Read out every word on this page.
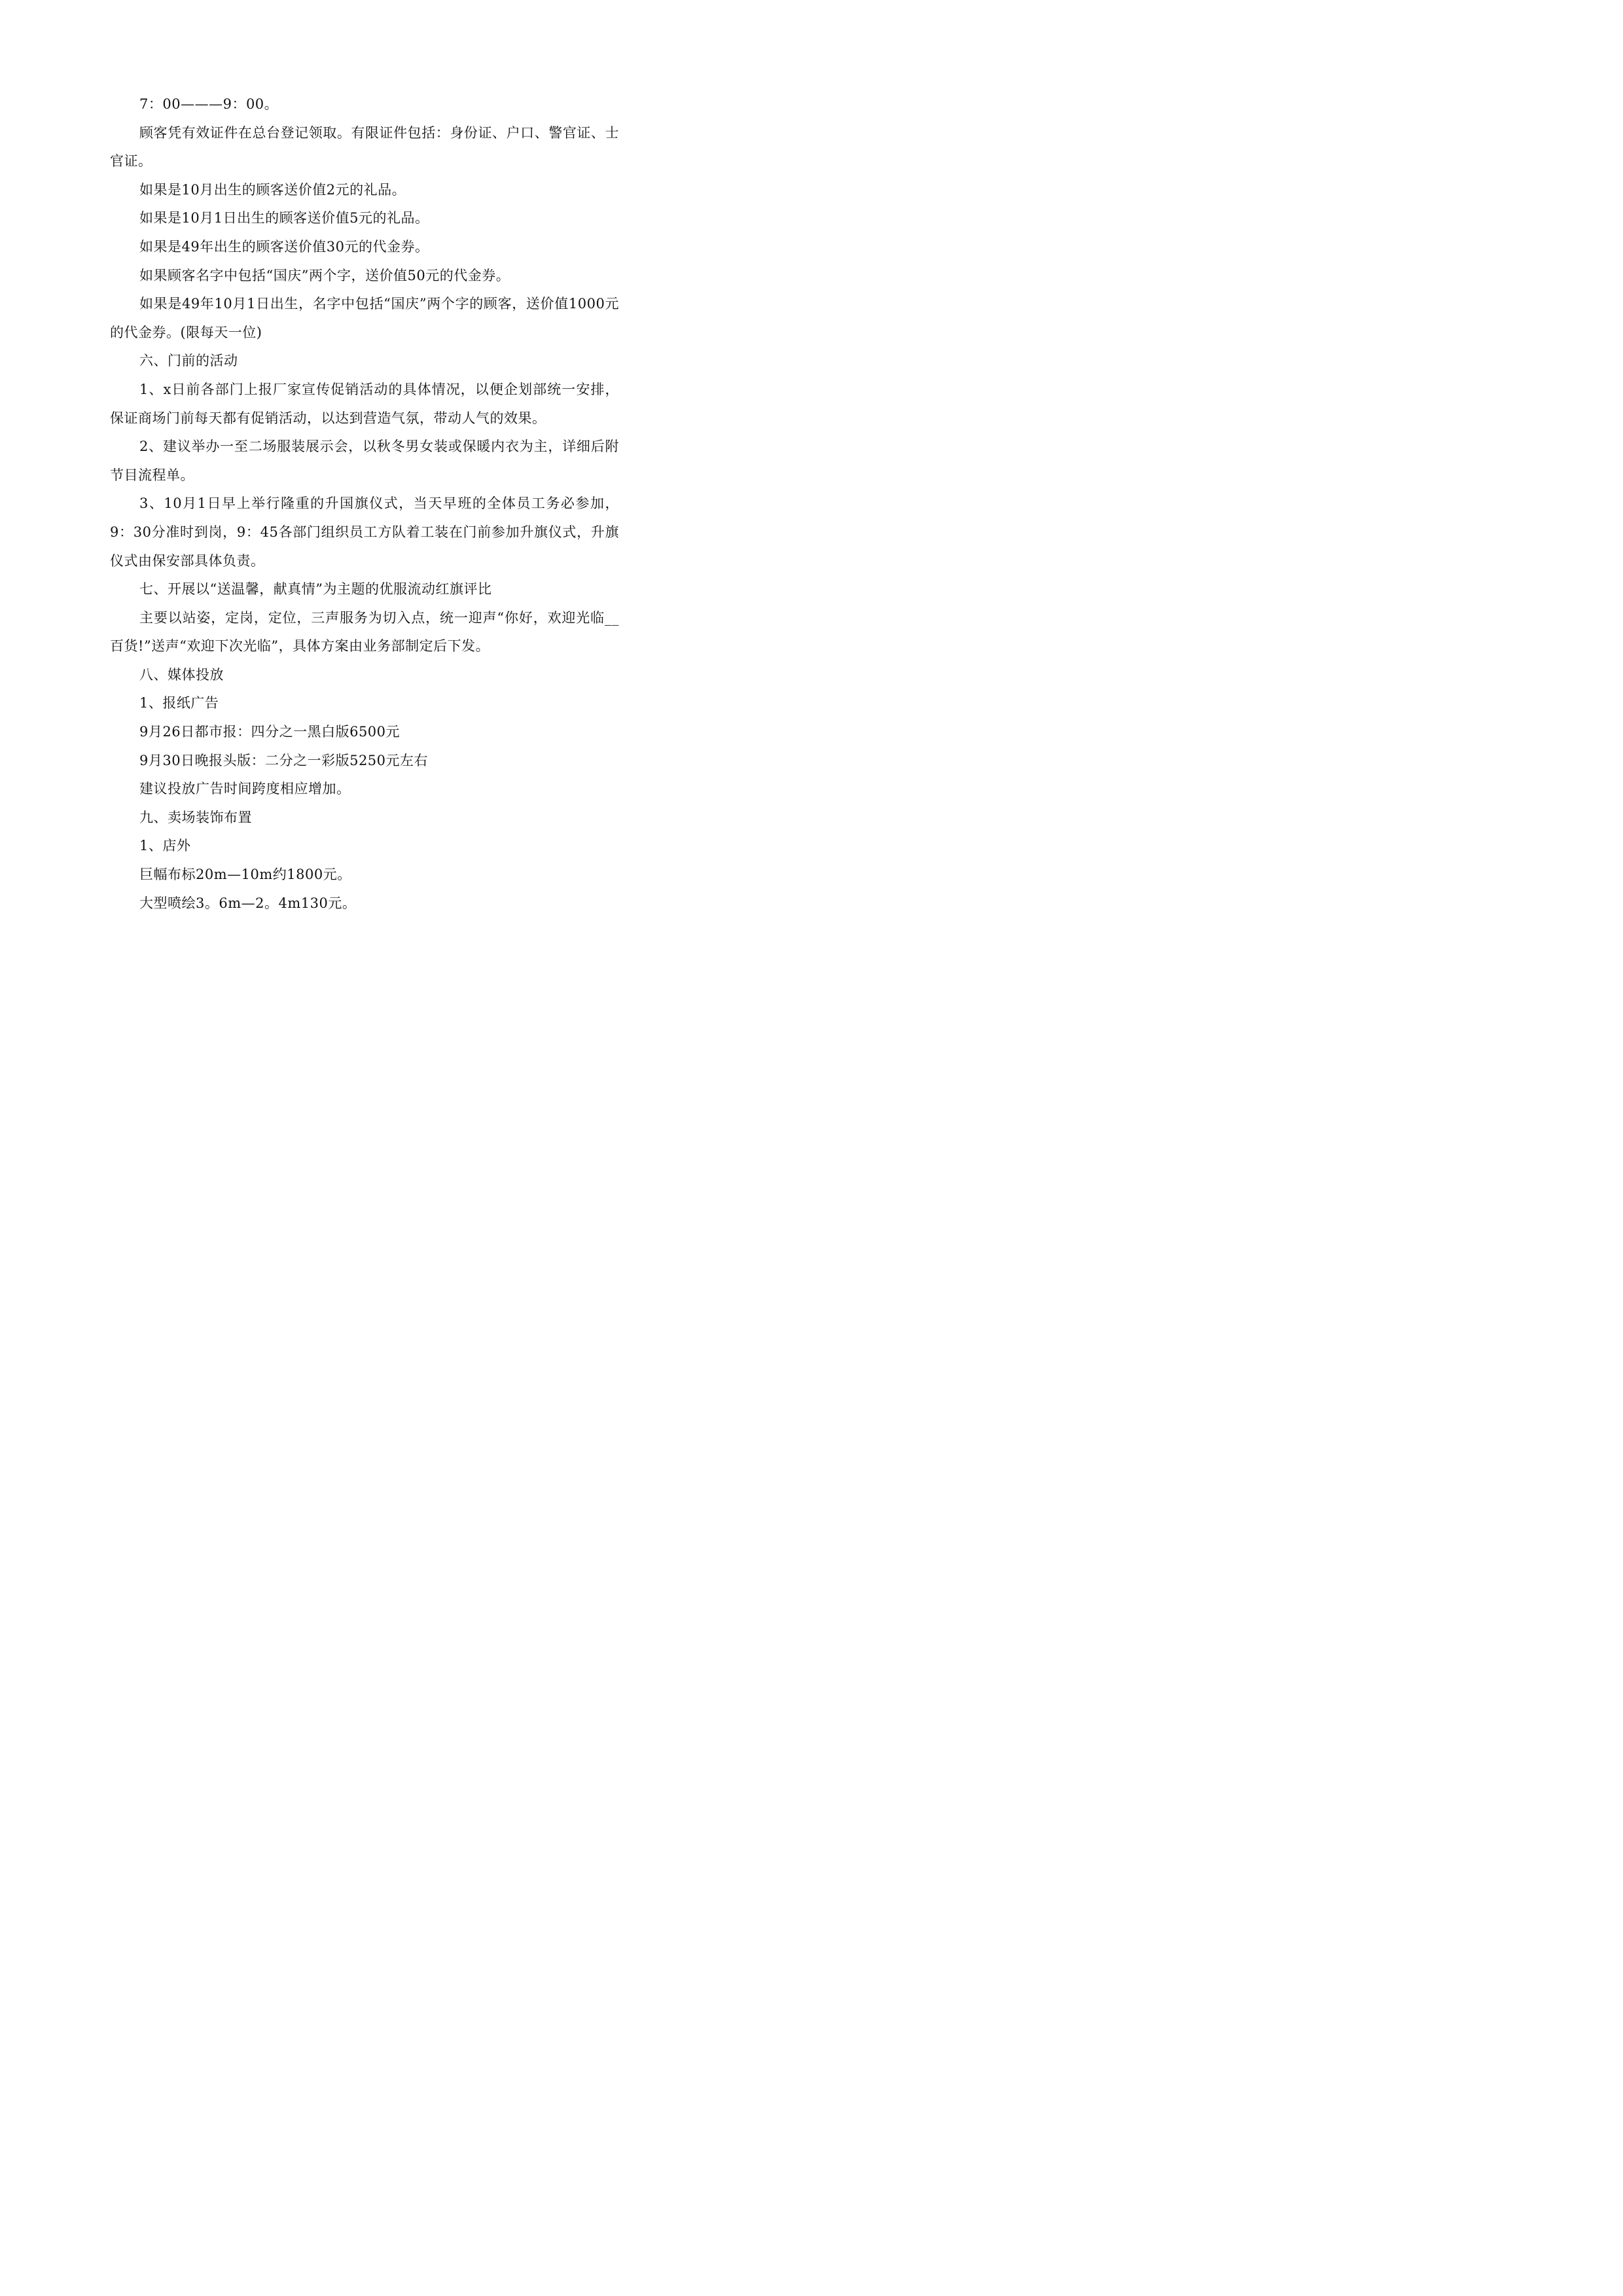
7：00———9：00。

顾客凭有效证件在总台登记领取。有限证件包括：身份证、户口、警官证、士官证。

如果是10月出生的顾客送价值2元的礼品。

如果是10月1日出生的顾客送价值5元的礼品。

如果是49年出生的顾客送价值30元的代金券。

如果顾客名字中包括“国庆”两个字，送价值50元的代金券。

如果是49年10月1日出生，名字中包括“国庆”两个字的顾客，送价值1000元的代金券。(限每天一位)

六、门前的活动

1、x日前各部门上报厂家宣传促销活动的具体情况，以便企划部统一安排，保证商场门前每天都有促销活动，以达到营造气氛，带动人气的效果。

2、建议举办一至二场服装展示会，以秋冬男女装或保暖内衣为主，详细后附节目流程单。

3、10月1日早上举行隆重的升国旗仪式，当天早班的全体员工务必参加，9：30分准时到岗，9：45各部门组织员工方队着工装在门前参加升旗仪式，升旗仪式由保安部具体负责。

七、开展以“送温馨，献真情”为主题的优服流动红旗评比

主要以站姿，定岗，定位，三声服务为切入点，统一迎声“你好，欢迎光临__百货!”送声“欢迎下次光临”，具体方案由业务部制定后下发。

八、媒体投放

1、报纸广告

9月26日都市报：四分之一黑白版6500元

9月30日晚报头版：二分之一彩版5250元左右

建议投放广告时间跨度相应增加。

九、卖场装饰布置

1、店外

巨幅布标20m—10m约1800元。

大型喷绘3。6m—2。4m130元。
